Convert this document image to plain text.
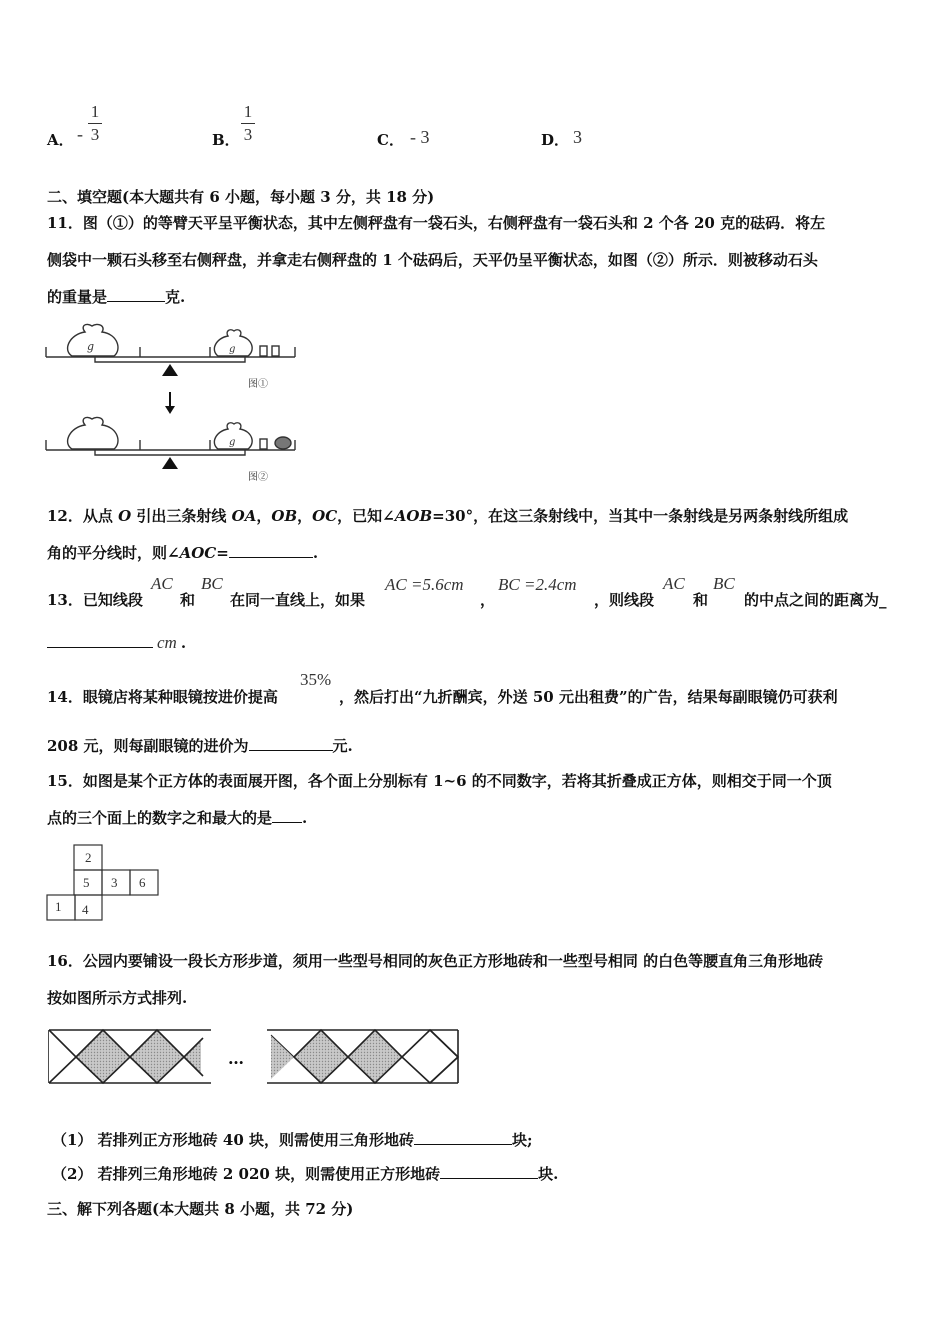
A． -
1
3	B．
1
3	C． - 3	D． 3
二、填空题(本大题共有 6 小题，每小题 3 分，共 18 分)
11．图（①）的等臂天平呈平衡状态，其中左侧秤盘有一袋石头，右侧秤盘有一袋石头和 2 个各 20 克的砝码．将左
侧袋中一颗石头移至右侧秤盘，并拿走右侧秤盘的 1 个砝码后，天平仍呈平衡状态，如图（②）所示．则被移动石头
的重量是	克.
g	g
图①
g
图②
12．从点 O 引出三条射线 OA，OB，OC，已知∠AOB=30°，在这三条射线中，当其中一条射线是另两条射线所组成
角的平分线时，则∠AOC=	.
13．已知线段
AC
和
BC
在同一直线上，如果
AC =5.6cm
，
BC =2.4cm
，则线段
AC
和
BC
的中点之间的距离为_
cm .
14．眼镜店将某种眼镜按进价提高
35%
，然后打出“九折酬宾，外送 50 元出租费”的广告，结果每副眼镜仍可获利
208 元，则每副眼镜的进价为	元.
15．如图是某个正方体的表面展开图，各个面上分别标有 1~6 的不同数字，若将其折叠成正方体，则相交于同一个顶
点的三个面上的数字之和最大的是 .
2
5 3 6
1 4
16．公园内要铺设一段长方形步道，须用一些型号相同的灰色正方形地砖和一些型号相同 的白色等腰直角三角形地砖
按如图所示方式排列.
…
（1） 若排列正方形地砖 40 块，则需使用三角形地砖	块;
（2） 若排列三角形地砖 2 020 块，则需使用正方形地砖	块.
三、解下列各题(本大题共 8 小题，共 72 分)
